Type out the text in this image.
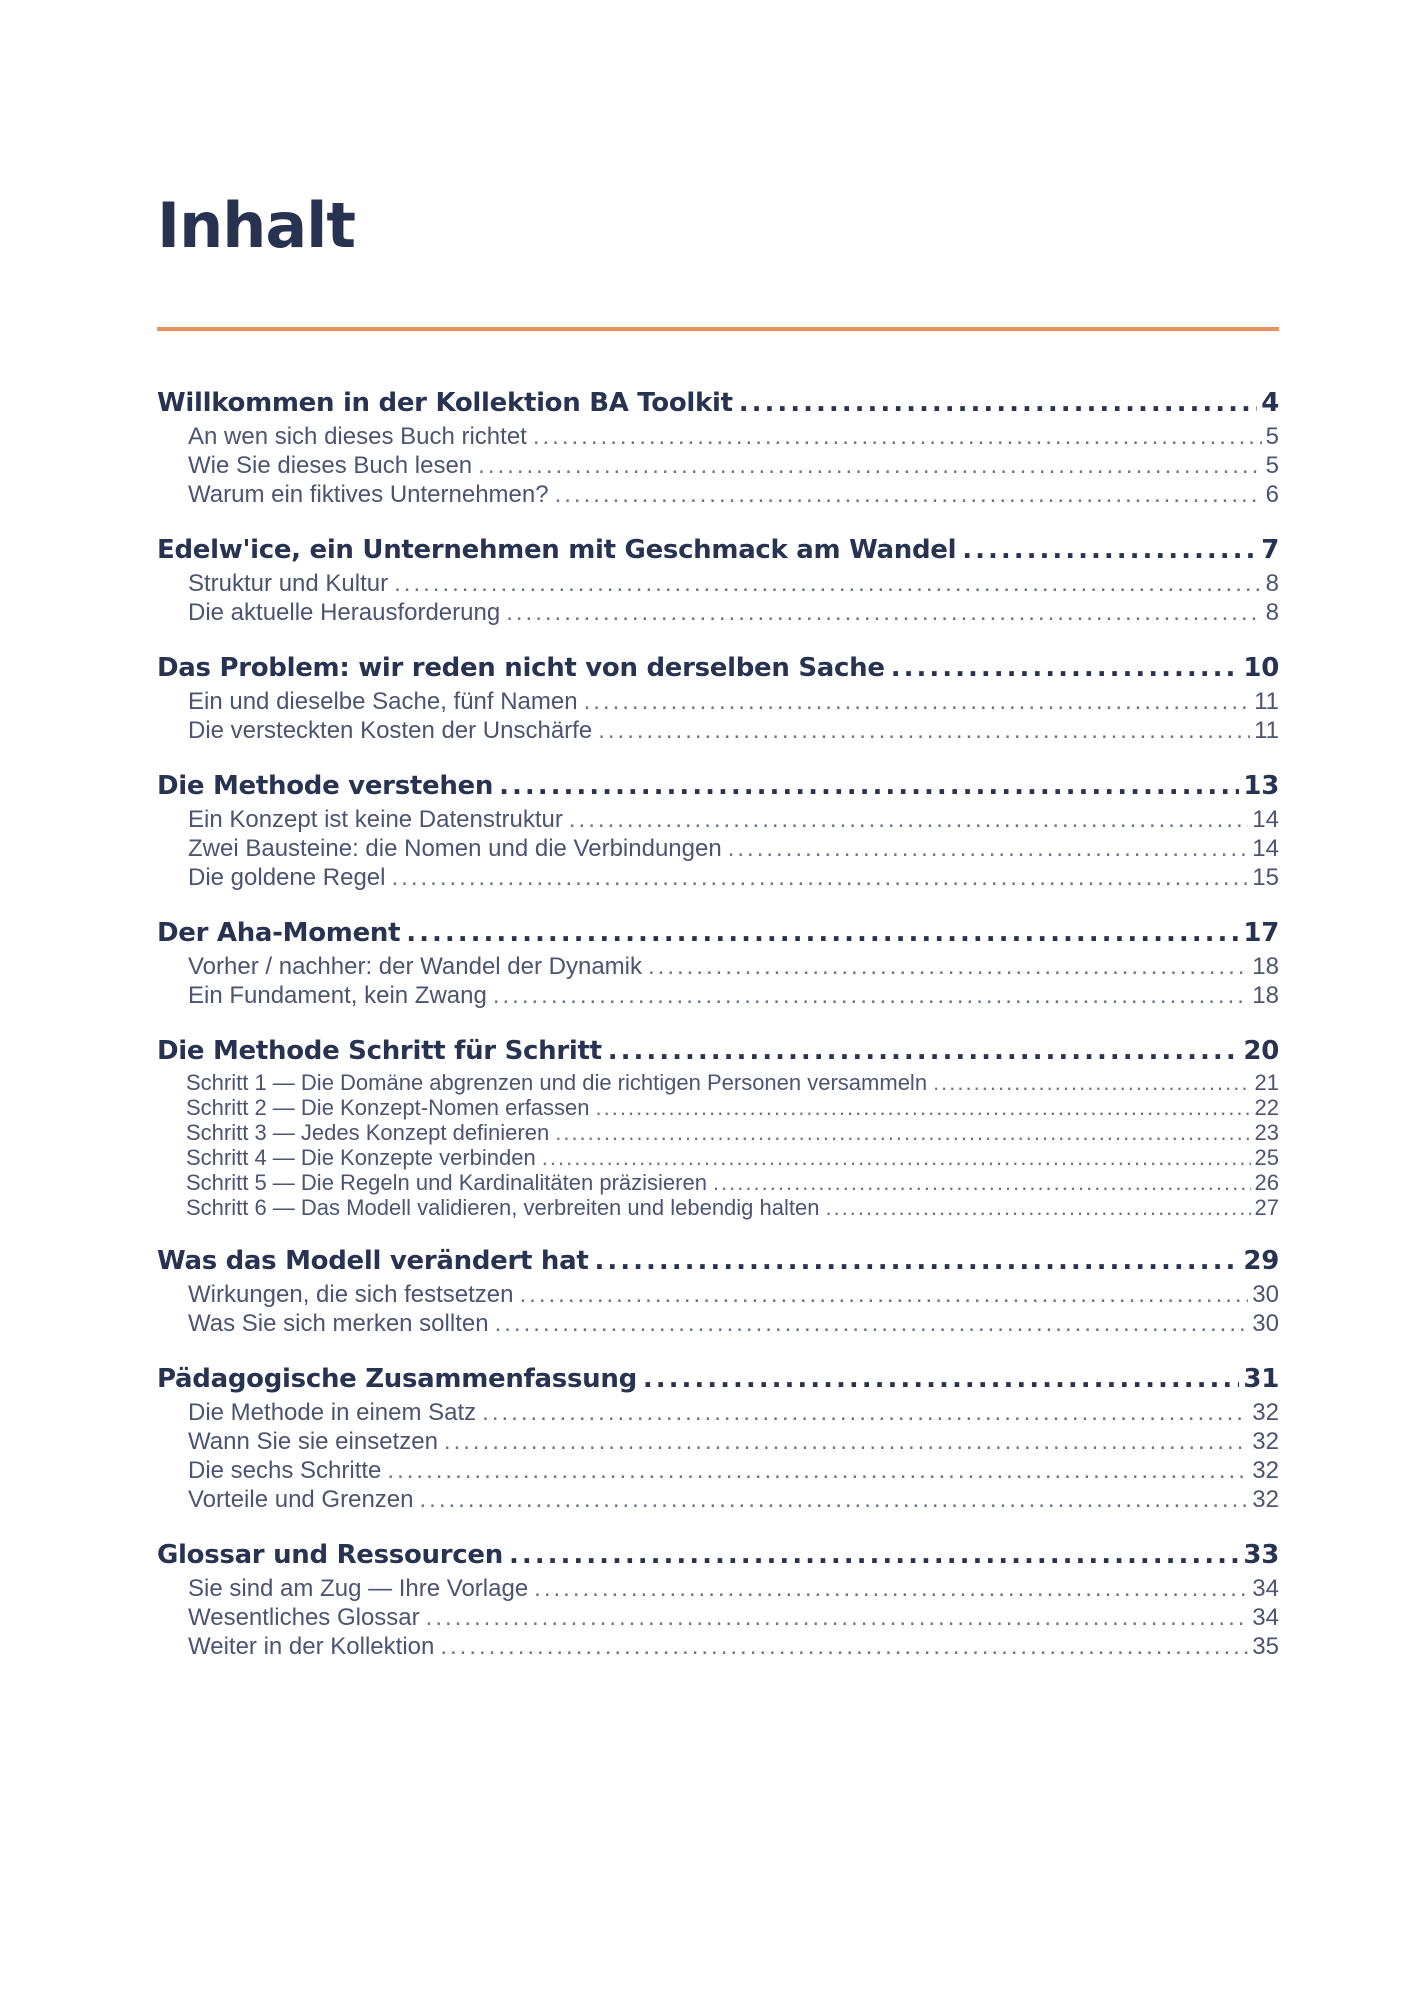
Inhalt
Willkommen in der Kollektion BA Toolkit .....	4
An wen sich dieses Buch richtet .....	5
Wie Sie dieses Buch lesen .....	5
Warum ein fiktives Unternehmen? .....	6
Edelw'ice, ein Unternehmen mit Geschmack am Wandel .....	7
Struktur und Kultur .....	8
Die aktuelle Herausforderung .....	8
Das Problem: wir reden nicht von derselben Sache .....	10
Ein und dieselbe Sache, fünf Namen .....	11
Die versteckten Kosten der Unschärfe .....	11
Die Methode verstehen .....	13
Ein Konzept ist keine Datenstruktur .....	14
Zwei Bausteine: die Nomen und die Verbindungen .....	14
Die goldene Regel .....	15
Der Aha-Moment .....	17
Vorher / nachher: der Wandel der Dynamik .....	18
Ein Fundament, kein Zwang .....	18
Die Methode Schritt für Schritt .....	20
Schritt 1 — Die Domäne abgrenzen und die richtigen Personen versammeln .....	21
Schritt 2 — Die Konzept-Nomen erfassen .....	22
Schritt 3 — Jedes Konzept definieren .....	23
Schritt 4 — Die Konzepte verbinden .....	25
Schritt 5 — Die Regeln und Kardinalitäten präzisieren .....	26
Schritt 6 — Das Modell validieren, verbreiten und lebendig halten .....	27
Was das Modell verändert hat .....	29
Wirkungen, die sich festsetzen .....	30
Was Sie sich merken sollten .....	30
Pädagogische Zusammenfassung .....	31
Die Methode in einem Satz .....	32
Wann Sie sie einsetzen .....	32
Die sechs Schritte .....	32
Vorteile und Grenzen .....	32
Glossar und Ressourcen .....	33
Sie sind am Zug — Ihre Vorlage .....	34
Wesentliches Glossar .....	34
Weiter in der Kollektion .....	35
